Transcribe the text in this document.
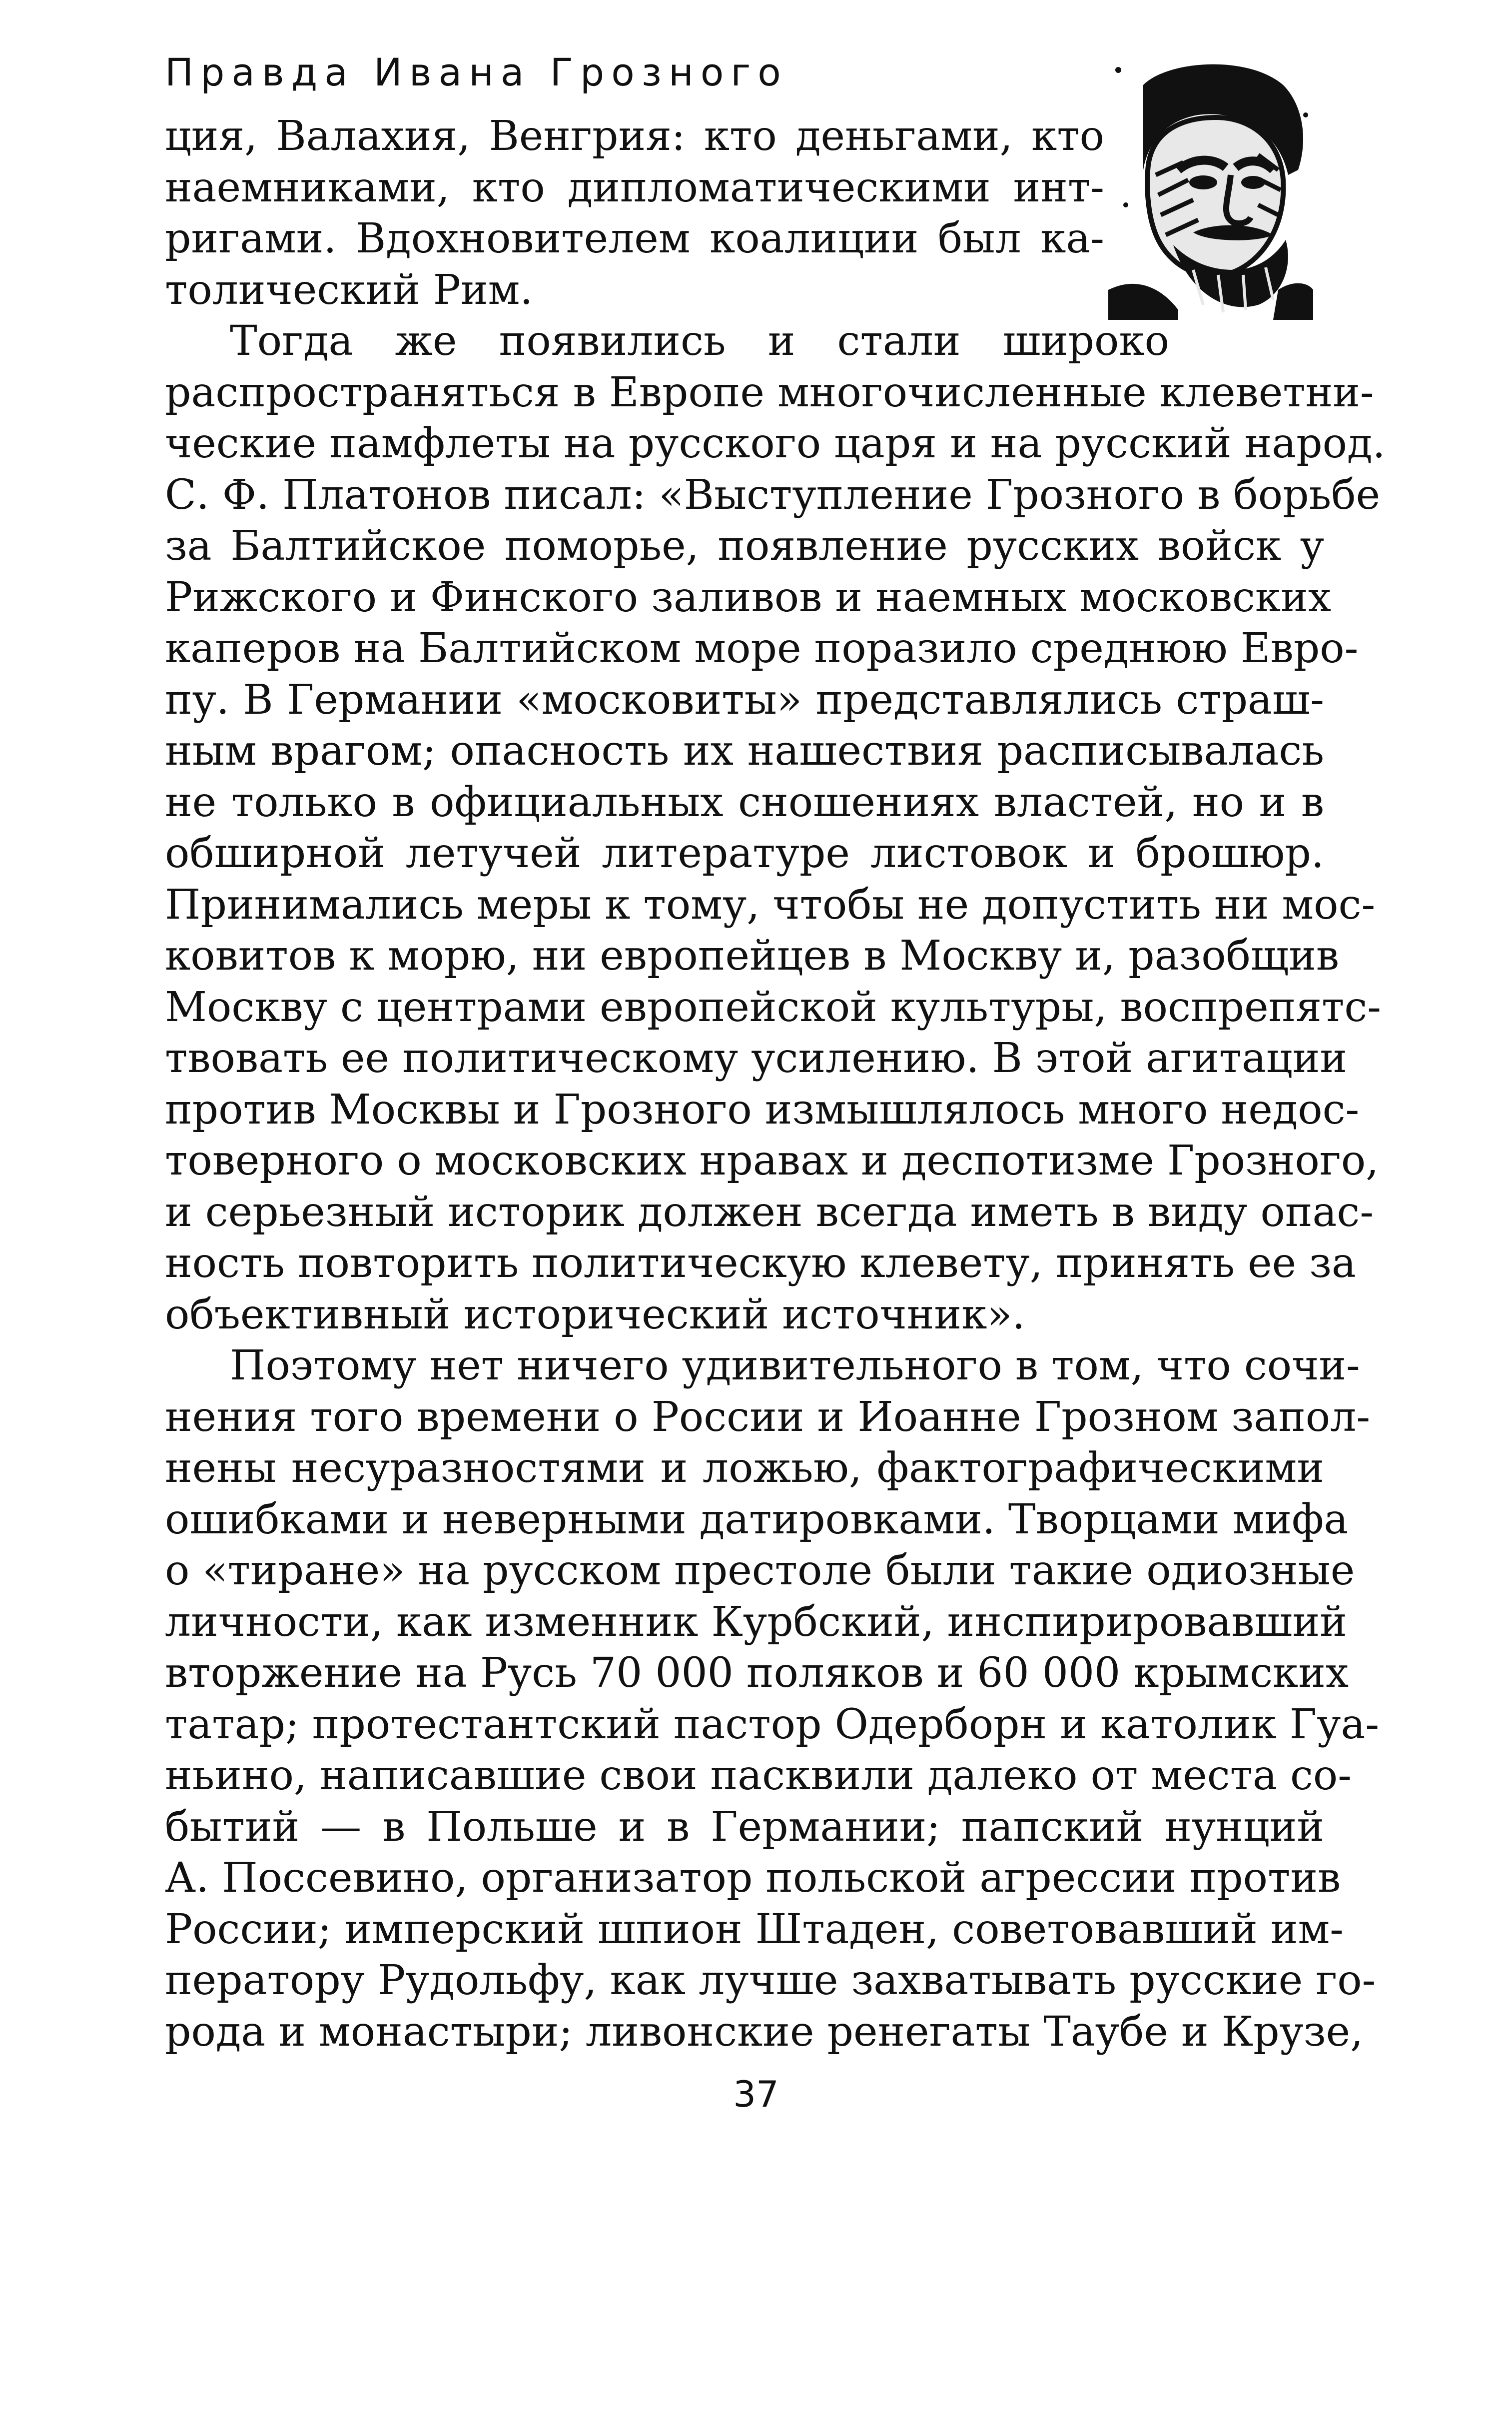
Правда Ивана Грозного
ция, Валахия, Венгрия: кто деньгами, кто
наемниками, кто дипломатическими инт-
ригами. Вдохновителем коалиции был ка-
толический Рим.
Тогда же появились и стали широко
распространяться в Европе многочисленные клеветни-
ческие памфлеты на русского царя и на русский народ.
С. Ф. Платонов писал: «Выступление Грозного в борьбе
за Балтийское поморье, появление русских войск у
Рижского и Финского заливов и наемных московских
каперов на Балтийском море поразило среднюю Евро-
пу. В Германии «московиты» представлялись страш-
ным врагом; опасность их нашествия расписывалась
не только в официальных сношениях властей, но и в
обширной летучей литературе листовок и брошюр.
Принимались меры к тому, чтобы не допустить ни мос-
ковитов к морю, ни европейцев в Москву и, разобщив
Москву с центрами европейской культуры, воспрепятс-
твовать ее политическому усилению. В этой агитации
против Москвы и Грозного измышлялось много недос-
товерного о московских нравах и деспотизме Грозного,
и серьезный историк должен всегда иметь в виду опас-
ность повторить политическую клевету, принять ее за
объективный исторический источник».
Поэтому нет ничего удивительного в том, что сочи-
нения того времени о России и Иоанне Грозном запол-
нены несуразностями и ложью, фактографическими
ошибками и неверными датировками. Творцами мифа
о «тиране» на русском престоле были такие одиозные
личности, как изменник Курбский, инспирировавший
вторжение на Русь 70 000 поляков и 60 000 крымских
татар; протестантский пастор Одерборн и католик Гуа-
ньино, написавшие свои пасквили далеко от места со-
бытий — в Польше и в Германии; папский нунций
А. Поссевино, организатор польской агрессии против
России; имперский шпион Штаден, советовавший им-
ператору Рудольфу, как лучше захватывать русские го-
рода и монастыри; ливонские ренегаты Таубе и Крузе,
37
